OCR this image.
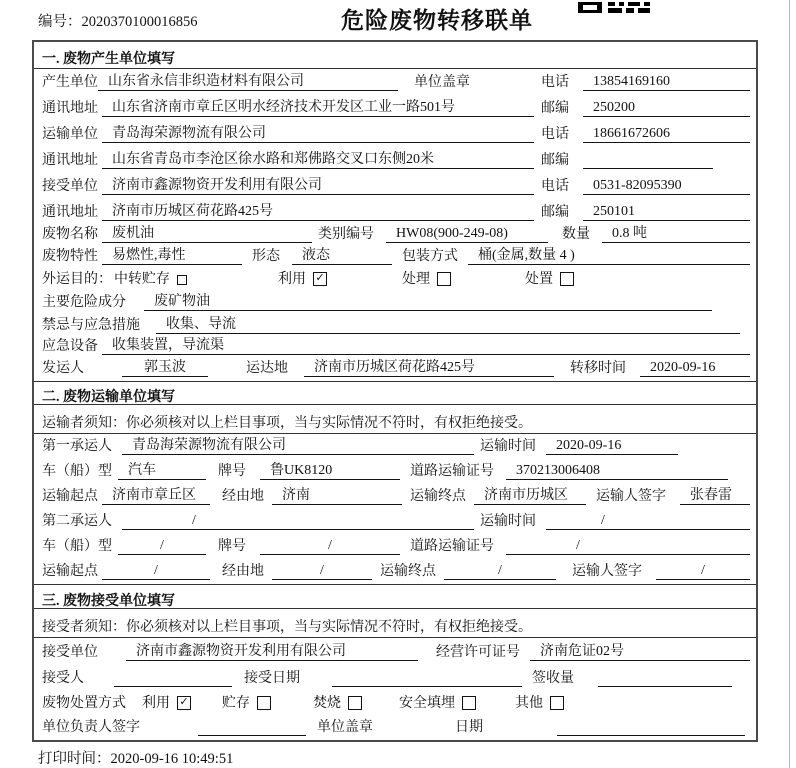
编号：2020370100016856	危险废物转移联单
一. 废物产生单位填写
产生单位 山东省永信非织造材料有限公司	单位盖章	电话	13854169160
通讯地址	山东省济南市章丘区明水经济技术开发区工业一路501号	邮编	250200
运输单位	青岛海荣源物流有限公司	电话	18661672606
通讯地址	山东省青岛市李沧区徐水路和郑佛路交叉口东侧20米	邮编
接受单位	济南市鑫源物资开发利用有限公司	电话	0531-82095390
通讯地址	济南市历城区荷花路425号	邮编	250101
废物名称	废机油	类别编号	HW08(900-249-08)	数量	0.8 吨
废物特性	易燃性,毒性	形态	液态	包装方式	桶(金属,数量 4 )
外运目的： 中转贮存	利用 ✓	处理	处置
主要危险成分	废矿物油
禁忌与应急措施	收集、导流
应急设备	收集装置，导流渠
发运人	郭玉波	运达地	济南市历城区荷花路425号	转移时间	2020-09-16
二. 废物运输单位填写
运输者须知：你必须核对以上栏目事项，当与实际情况不符时，有权拒绝接受。
第一承运人	青岛海荣源物流有限公司	运输时间	2020-09-16
车（船）型	汽车	牌号	鲁UK8120	道路运输证号	370213006408
运输起点	济南市章丘区	经由地	济南	运输终点	济南市历城区	运输人签字	张春雷
第二承运人	/	运输时间	/
车（船）型	/	牌号	/	道路运输证号	/
运输起点	/	经由地	/	运输终点	/	运输人签字	/
三. 废物接受单位填写
接受者须知：你必须核对以上栏目事项，当与实际情况不符时，有权拒绝接受。
接受单位	济南市鑫源物资开发利用有限公司	经营许可证号	济南危证02号
接受人	接受日期	签收量
废物处置方式 利用 ✓ 贮存	焚烧	安全填埋	其他
单位负责人签字	单位盖章	日期
打印时间：2020-09-16 10:49:51
